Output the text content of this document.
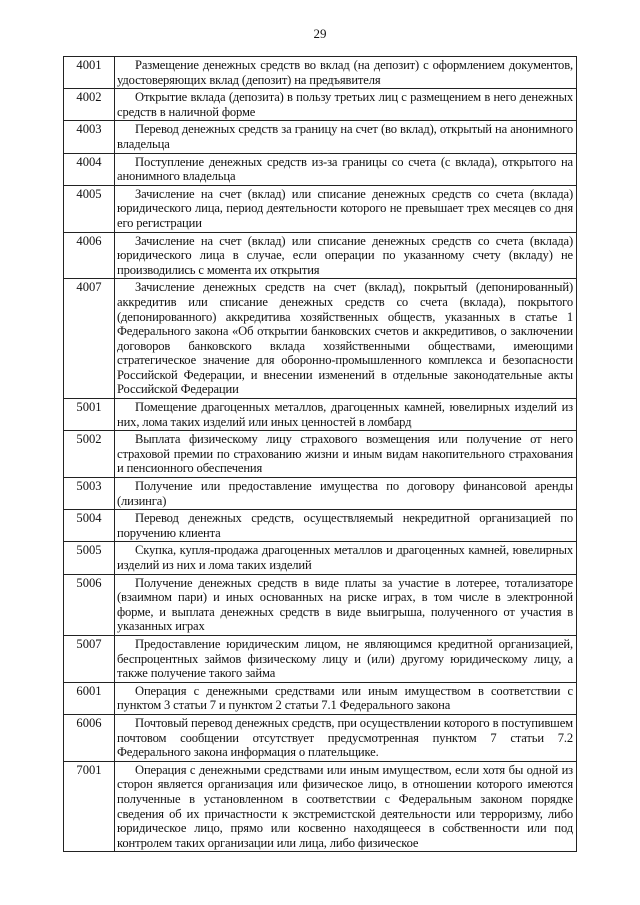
29
4001	Размещение денежных средств во вклад (на депозит) с оформлением документов, удостоверяющих вклад (депозит) на предъявителя
4002	Открытие вклада (депозита) в пользу третьих лиц с размещением в него денежных средств в наличной форме
4003	Перевод денежных средств за границу на счет (во вклад), открытый на анонимного владельца
4004	Поступление денежных средств из-за границы со счета (с вклада), открытого на анонимного владельца
4005	Зачисление на счет (вклад) или списание денежных средств со счета (вклада) юридического лица, период деятельности которого не превышает трех месяцев со дня его регистрации
4006	Зачисление на счет (вклад) или списание денежных средств со счета (вклада) юридического лица в случае, если операции по указанному счету (вкладу) не производились с момента их открытия
4007	Зачисление денежных средств на счет (вклад), покрытый (депонированный) аккредитив или списание денежных средств со счета (вклада), покрытого (депонированного) аккредитива хозяйственных обществ, указанных в статье 1 Федерального закона «Об открытии банковских счетов и аккредитивов, о заключении договоров банковского вклада хозяйственными обществами, имеющими стратегическое значение для оборонно-промышленного комплекса и безопасности Российской Федерации, и внесении изменений в отдельные законодательные акты Российской Федерации
5001	Помещение драгоценных металлов, драгоценных камней, ювелирных изделий из них, лома таких изделий или иных ценностей в ломбард
5002	Выплата физическому лицу страхового возмещения или получение от него страховой премии по страхованию жизни и иным видам накопительного страхования и пенсионного обеспечения
5003	Получение или предоставление имущества по договору финансовой аренды (лизинга)
5004	Перевод денежных средств, осуществляемый некредитной организацией по поручению клиента
5005	Скупка, купля-продажа драгоценных металлов и драгоценных камней, ювелирных изделий из них и лома таких изделий
5006	Получение денежных средств в виде платы за участие в лотерее, тотализаторе (взаимном пари) и иных основанных на риске играх, в том числе в электронной форме, и выплата денежных средств в виде выигрыша, полученного от участия в указанных играх
5007	Предоставление юридическим лицом, не являющимся кредитной организацией, беспроцентных займов физическому лицу и (или) другому юридическому лицу, а также получение такого займа
6001	Операция с денежными средствами или иным имуществом в соответствии с пунктом 3 статьи 7 и пунктом 2 статьи 7.1 Федерального закона
6006	Почтовый перевод денежных средств, при осуществлении которого в поступившем почтовом сообщении отсутствует предусмотренная пунктом 7 статьи 7.2 Федерального закона информация о плательщике.
7001	Операция с денежными средствами или иным имуществом, если хотя бы одной из сторон является организация или физическое лицо, в отношении которого имеются полученные в установленном в соответствии с Федеральным законом порядке сведения об их причастности к экстремистской деятельности или терроризму, либо юридическое лицо, прямо или косвенно находящееся в собственности или под контролем таких организации или лица, либо физическое
